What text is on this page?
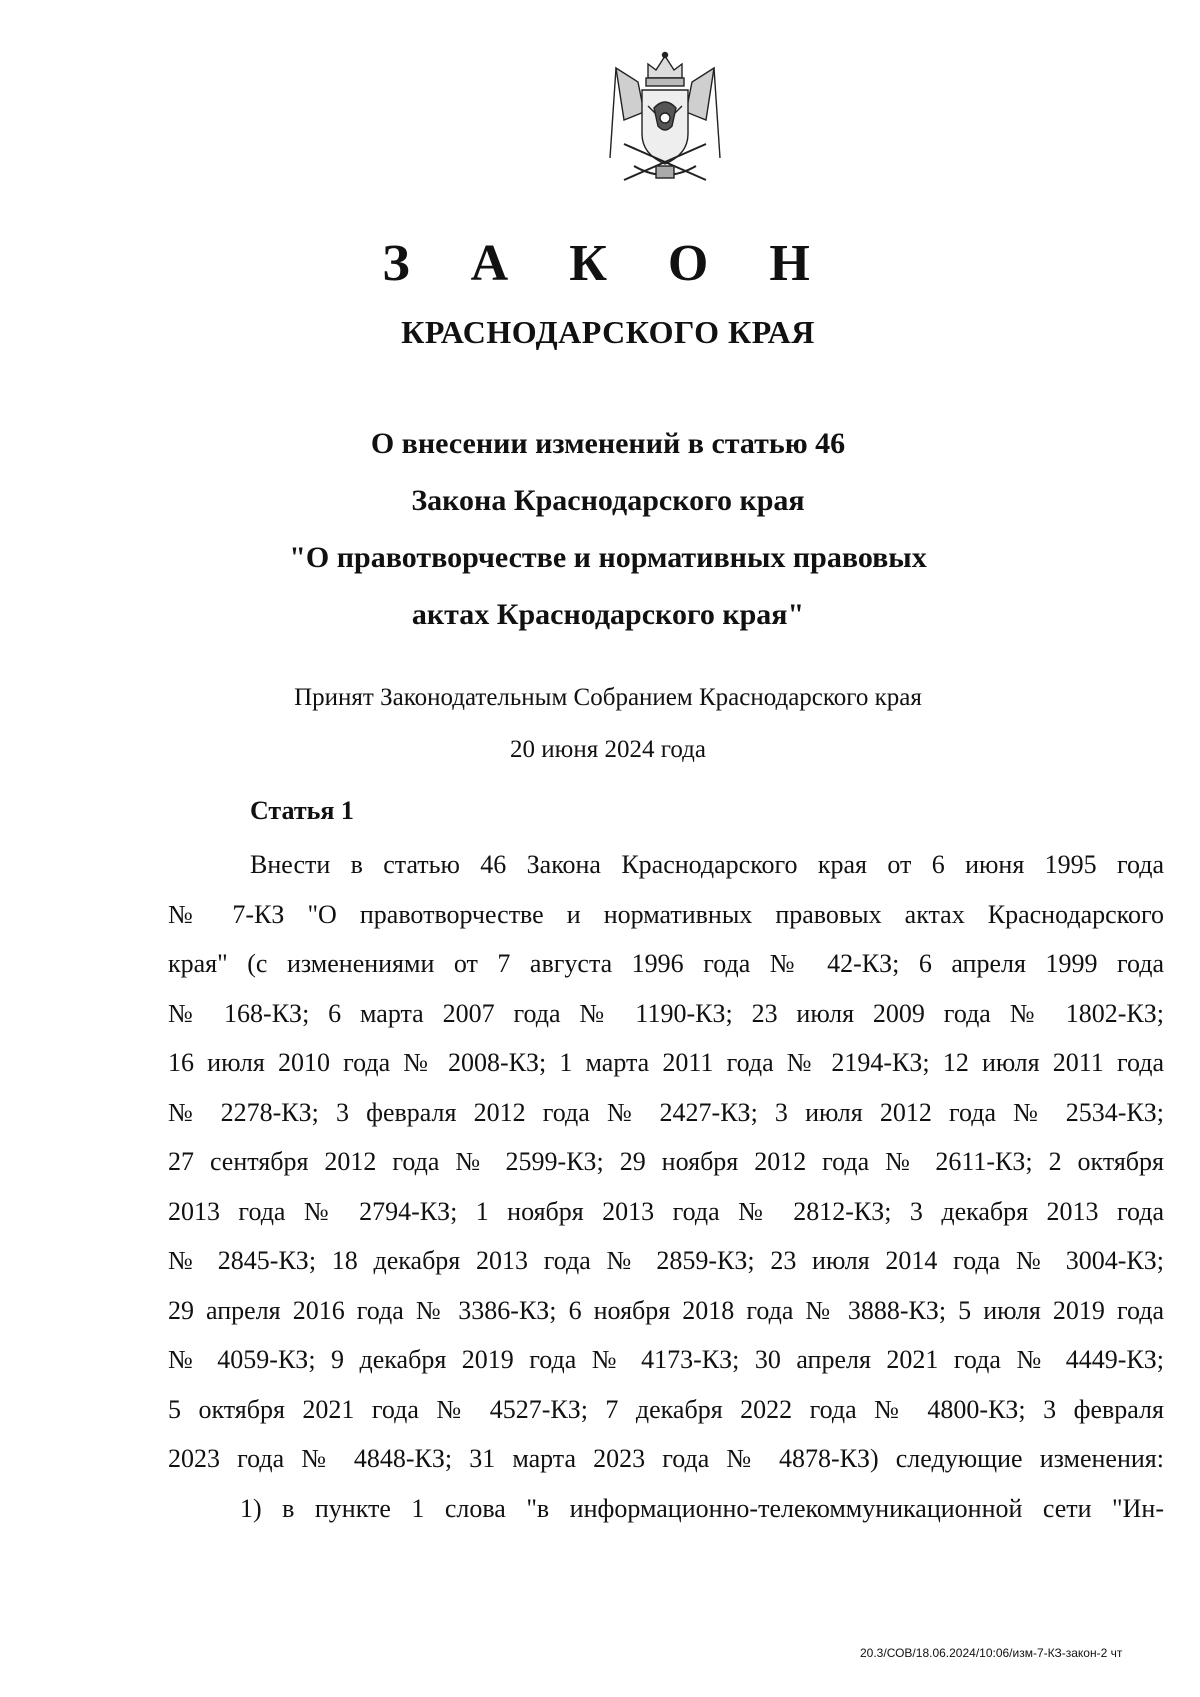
З А К О Н
КРАСНОДАРСКОГО КРАЯ
О внесении изменений в статью 46
Закона Краснодарского края
"О правотворчестве и нормативных правовых
актах Краснодарского края"
Принят Законодательным Собранием Краснодарского края
20 июня 2024 года
Статья 1
Внести в статью 46 Закона Краснодарского края от 6 июня 1995 года
№ 7-КЗ "О правотворчестве и нормативных правовых актах Краснодарского
края" (с изменениями от 7 августа 1996 года № 42-КЗ; 6 апреля 1999 года
№ 168-КЗ; 6 марта 2007 года № 1190-КЗ; 23 июля 2009 года № 1802-КЗ;
16 июля 2010 года № 2008-КЗ; 1 марта 2011 года № 2194-КЗ; 12 июля 2011 года
№ 2278-КЗ; 3 февраля 2012 года № 2427-КЗ; 3 июля 2012 года № 2534-КЗ;
27 сентября 2012 года № 2599-КЗ; 29 ноября 2012 года № 2611-КЗ; 2 октября
2013 года № 2794-КЗ; 1 ноября 2013 года № 2812-КЗ; 3 декабря 2013 года
№ 2845-КЗ; 18 декабря 2013 года № 2859-КЗ; 23 июля 2014 года № 3004-КЗ;
29 апреля 2016 года № 3386-КЗ; 6 ноября 2018 года № 3888-КЗ; 5 июля 2019 года
№ 4059-КЗ; 9 декабря 2019 года № 4173-КЗ; 30 апреля 2021 года № 4449-КЗ;
5 октября 2021 года № 4527-КЗ; 7 декабря 2022 года № 4800-КЗ; 3 февраля
2023 года № 4848-КЗ; 31 марта 2023 года № 4878-КЗ) следующие изменения:
1) в пункте 1 слова "в информационно-телекоммуникационной сети "Ин-
20.3/СОВ/18.06.2024/10:06/изм-7-КЗ-закон-2 чт
